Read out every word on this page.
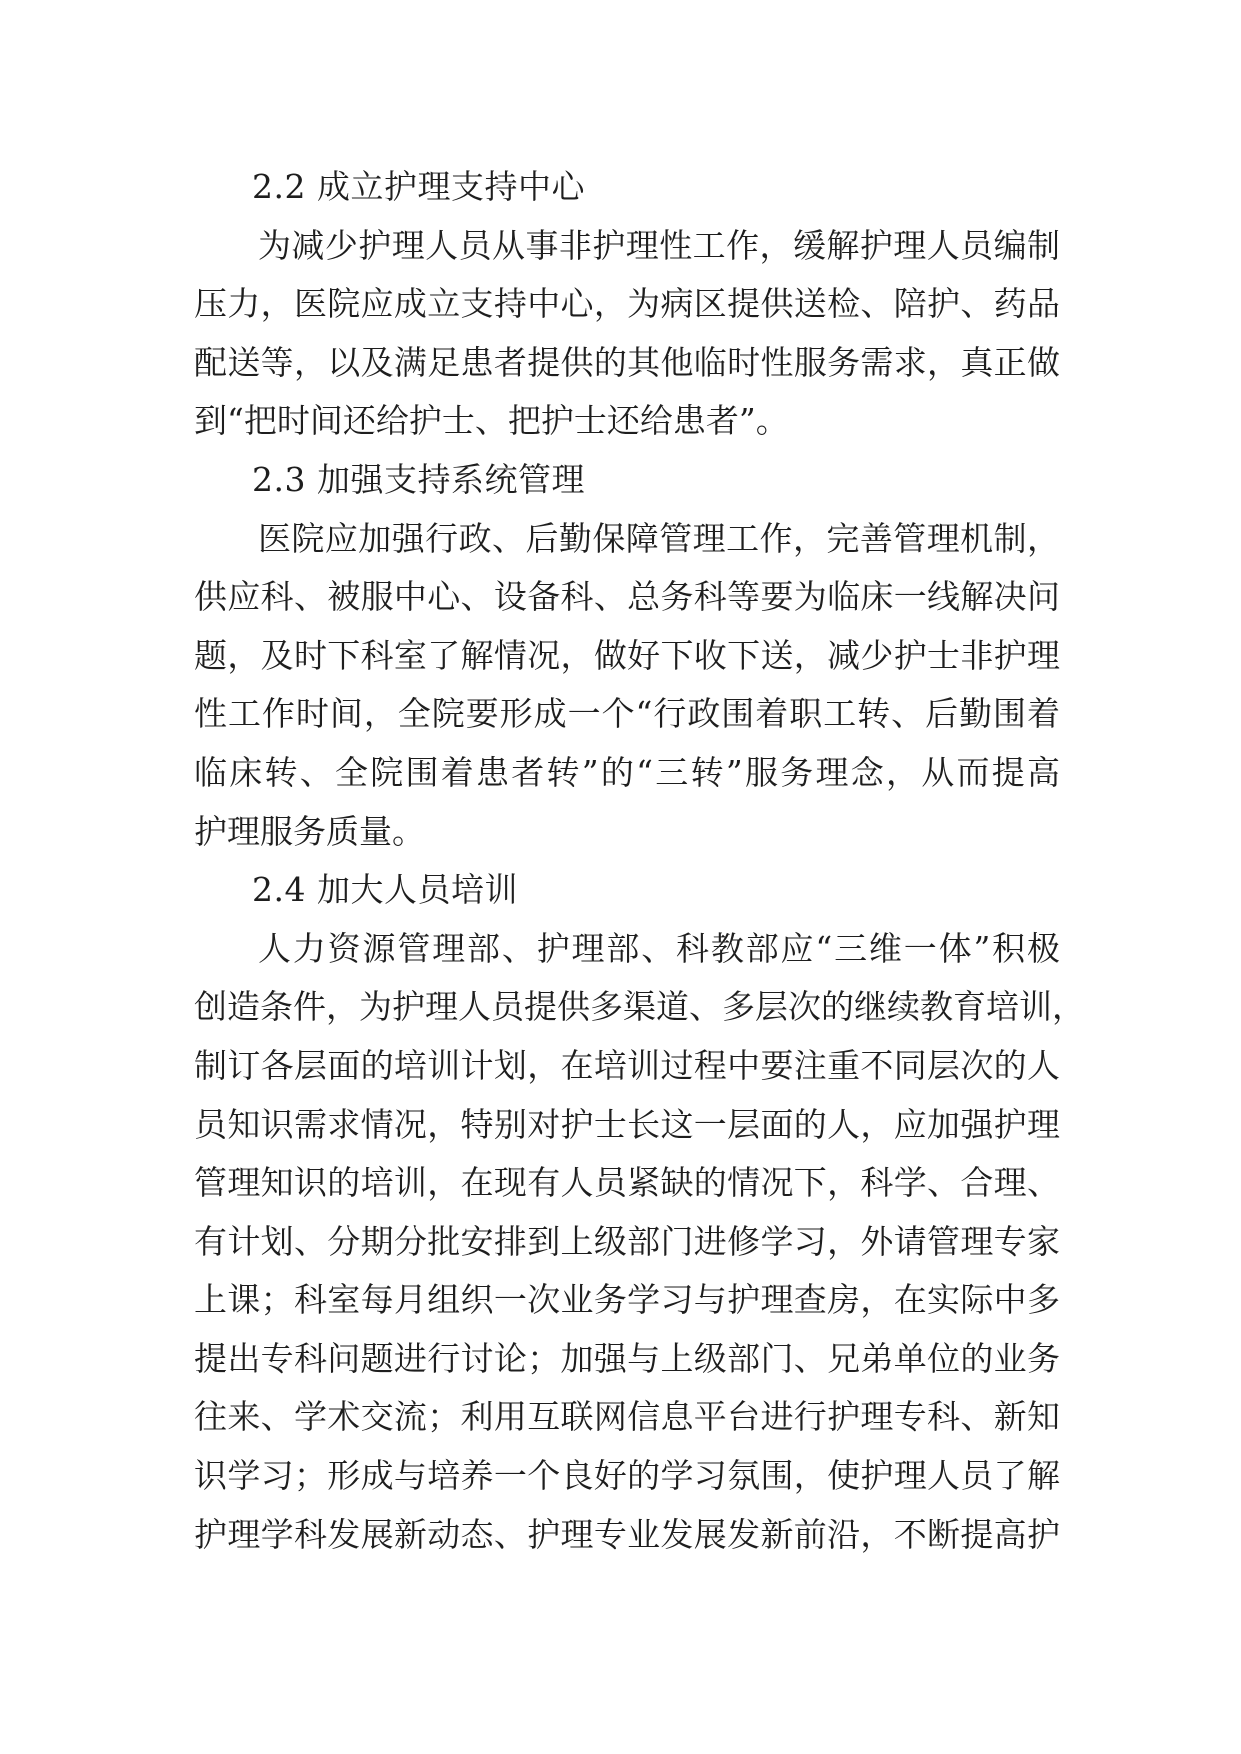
2.2 成立护理支持中心
为减少护理人员从事非护理性工作，缓解护理人员编制
压力，医院应成立支持中心，为病区提供送检、陪护、药品
配送等，以及满足患者提供的其他临时性服务需求，真正做
到“把时间还给护士、把护士还给患者”。
2.3 加强支持系统管理
医院应加强行政、后勤保障管理工作，完善管理机制，
供应科、被服中心、设备科、总务科等要为临床一线解决问
题，及时下科室了解情况，做好下收下送，减少护士非护理
性工作时间，全院要形成一个“行政围着职工转、后勤围着
临床转、全院围着患者转”的“三转”服务理念，从而提高
护理服务质量。
2.4 加大人员培训
人力资源管理部、护理部、科教部应“三维一体”积极
创造条件，为护理人员提供多渠道、多层次的继续教育培训，
制订各层面的培训计划，在培训过程中要注重不同层次的人
员知识需求情况，特别对护士长这一层面的人，应加强护理
管理知识的培训，在现有人员紧缺的情况下，科学、合理、
有计划、分期分批安排到上级部门进修学习，外请管理专家
上课；科室每月组织一次业务学习与护理查房，在实际中多
提出专科问题进行讨论；加强与上级部门、兄弟单位的业务
往来、学术交流；利用互联网信息平台进行护理专科、新知
识学习；形成与培养一个良好的学习氛围，使护理人员了解
护理学科发展新动态、护理专业发展发新前沿，不断提高护
